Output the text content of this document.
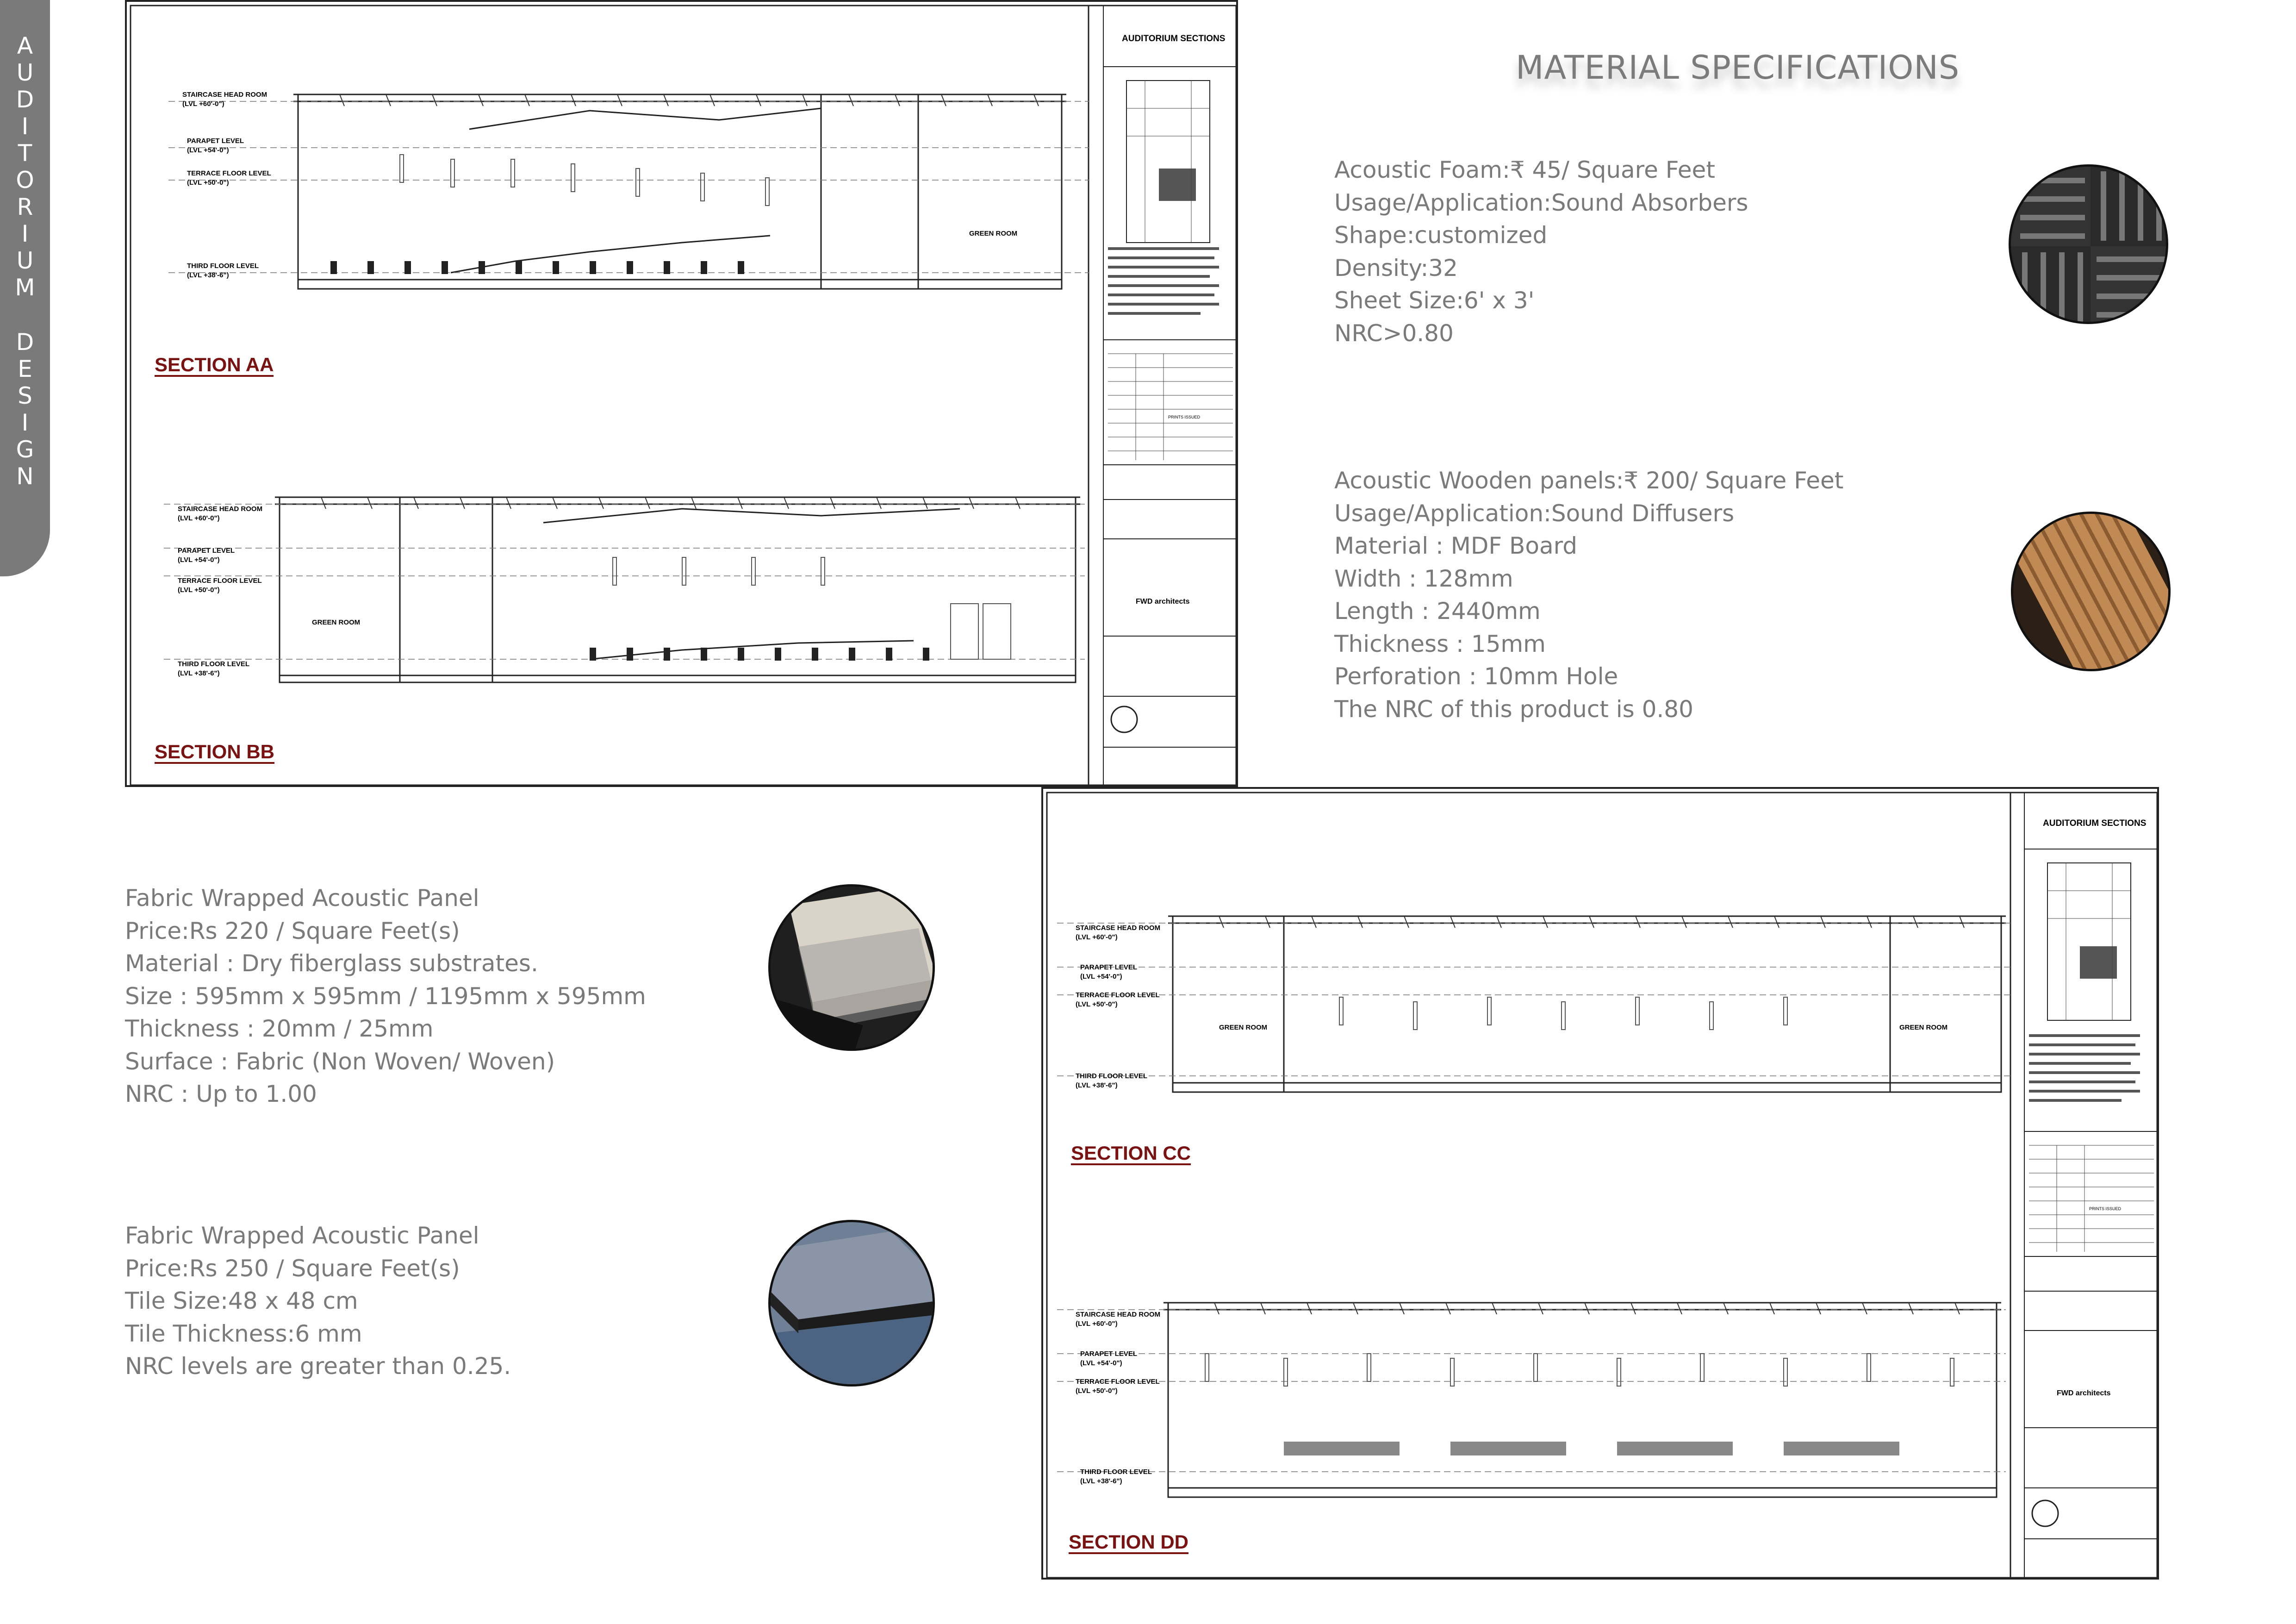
A
U
D
I
T
O
R
I
U
M
D
E
S
I
G
N
MATERIAL SPECIFICATIONS
Acoustic Foam:₹ 45/ Square Feet
Usage/Application:Sound Absorbers
Shape:customized
Density:32
Sheet Size:6' x 3'
NRC>0.80
Acoustic Wooden panels:₹ 200/ Square Feet
Usage/Application:Sound Diffusers
Material : MDF Board
Width : 128mm
Length : 2440mm
Thickness : 15mm
Perforation : 10mm Hole
The NRC of this product is 0.80
Fabric Wrapped Acoustic Panel
Price:Rs 220 / Square Feet(s)
Material : Dry fiberglass substrates.
Size : 595mm x 595mm / 1195mm x 595mm
Thickness : 20mm / 25mm
Surface : Fabric (Non Woven/ Woven)
NRC : Up to 1.00
Fabric Wrapped Acoustic Panel
Price:Rs 250 / Square Feet(s)
Tile Size:48 x 48 cm
Tile Thickness:6 mm
NRC levels are greater than 0.25.
AUDITORIUM SECTIONS
PRINTS ISSUED
FWD architects
STAIRCASE HEAD ROOM
(LVL +60'-0")
PARAPET LEVEL
(LVL +54'-0")
TERRACE FLOOR LEVEL
(LVL +50'-0")
THIRD FLOOR LEVEL
(LVL +38'-6")
GREEN ROOM
STAIRCASE HEAD ROOM
(LVL +60'-0")
PARAPET LEVEL
(LVL +54'-0")
TERRACE FLOOR LEVEL
(LVL +50'-0")
THIRD FLOOR LEVEL
(LVL +38'-6")
GREEN ROOM
SECTION AA
SECTION BB
AUDITORIUM SECTIONS
PRINTS ISSUED
FWD architects
STAIRCASE HEAD ROOM
(LVL +60'-0")
PARAPET LEVEL
(LVL +54'-0")
TERRACE FLOOR LEVEL
(LVL +50'-0")
THIRD FLOOR LEVEL
(LVL +38'-6")
GREEN ROOM	GREEN ROOM
STAIRCASE HEAD ROOM
(LVL +60'-0")
PARAPET LEVEL
(LVL +54'-0")
TERRACE FLOOR LEVEL
(LVL +50'-0")
THIRD FLOOR LEVEL
(LVL +38'-6")
SECTION CC
SECTION DD
